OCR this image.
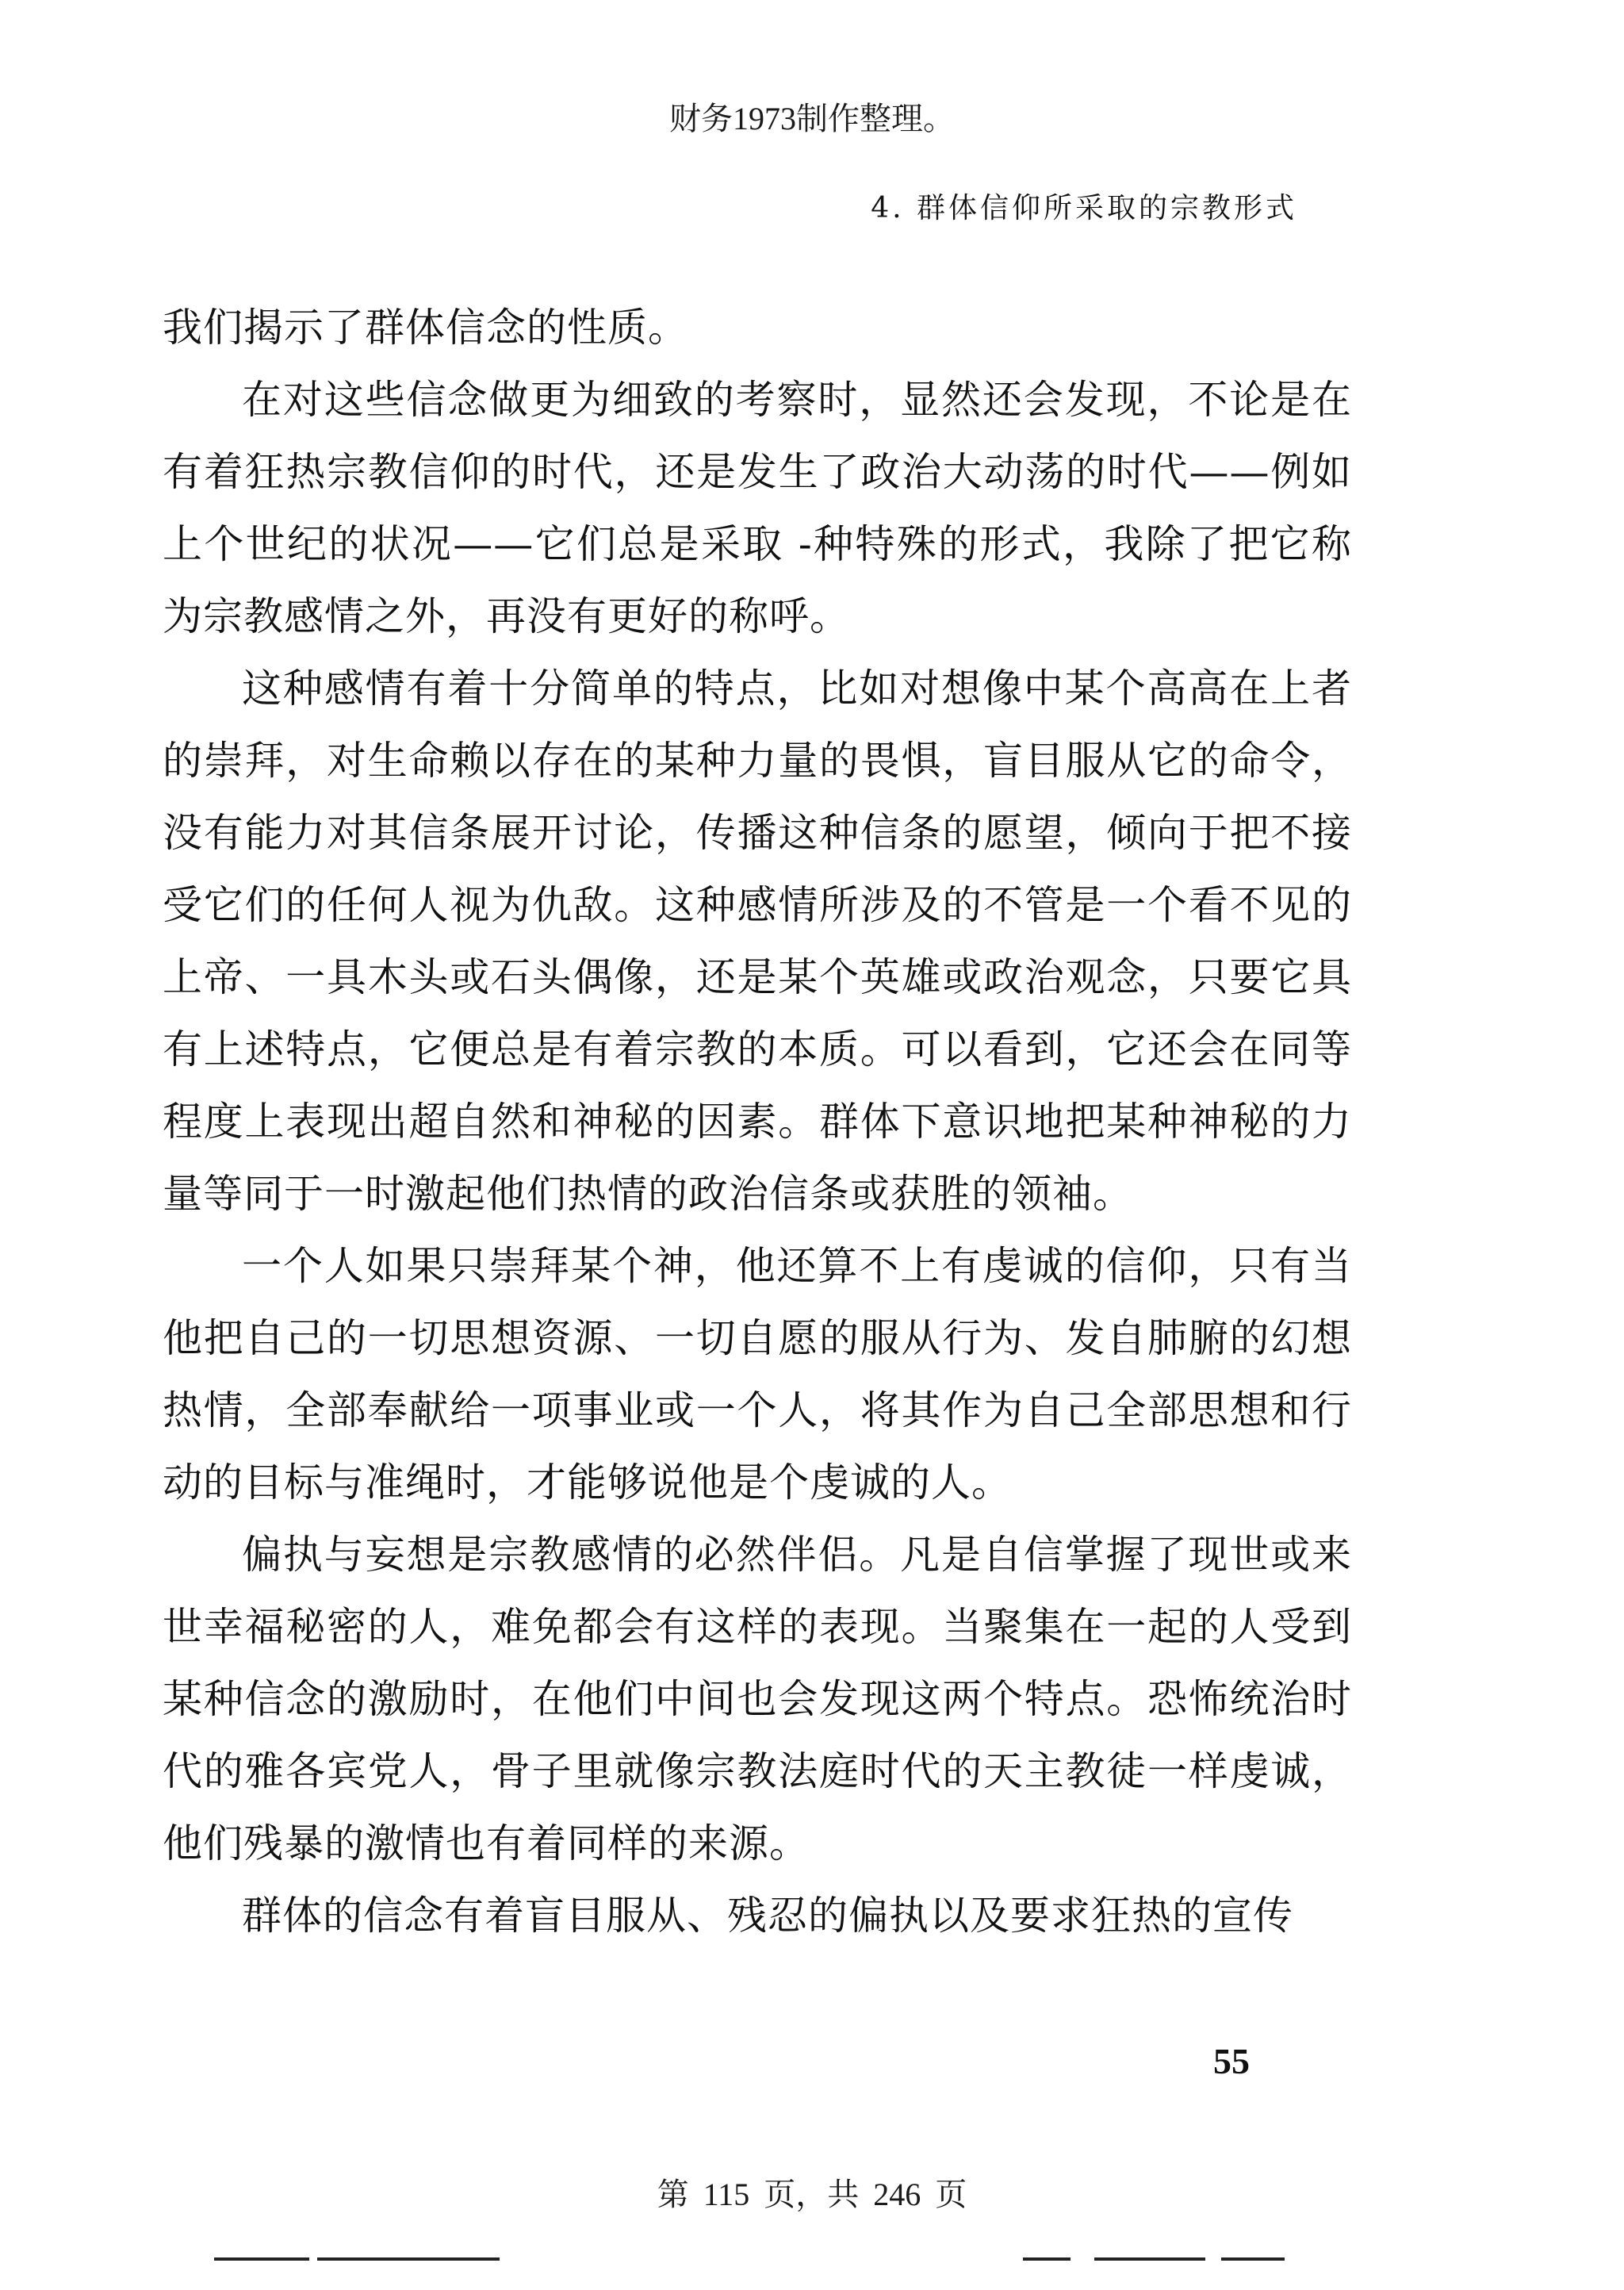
财务1973制作整理。
4. 群体信仰所采取的宗教形式

我们揭示了群体信念的性质。

在对这些信念做更为细致的考察时，显然还会发现，不论是在有着狂热宗教信仰的时代，还是发生了政治大动荡的时代——例如上个世纪的状况——它们总是采取 -种特殊的形式，我除了把它称为宗教感情之外，再没有更好的称呼。

这种感情有着十分简单的特点，比如对想像中某个高高在上者的崇拜，对生命赖以存在的某种力量的畏惧，盲目服从它的命令，没有能力对其信条展开讨论，传播这种信条的愿望，倾向于把不接受它们的任何人视为仇敌。这种感情所涉及的不管是一个看不见的上帝、一具木头或石头偶像，还是某个英雄或政治观念，只要它具有上述特点，它便总是有着宗教的本质。可以看到，它还会在同等程度上表现出超自然和神秘的因素。群体下意识地把某种神秘的力量等同于一时激起他们热情的政治信条或获胜的领袖。

一个人如果只崇拜某个神，他还算不上有虔诚的信仰，只有当他把自己的一切思想资源、一切自愿的服从行为、发自肺腑的幻想热情，全部奉献给一项事业或一个人，将其作为自己全部思想和行动的目标与准绳时，才能够说他是个虔诚的人。

偏执与妄想是宗教感情的必然伴侣。凡是自信掌握了现世或来世幸福秘密的人，难免都会有这样的表现。当聚集在一起的人受到某种信念的激励时，在他们中间也会发现这两个特点。恐怖统治时代的雅各宾党人，骨子里就像宗教法庭时代的天主教徒一样虔诚，他们残暴的激情也有着同样的来源。

群体的信念有着盲目服从、残忍的偏执以及要求狂热的宣传

55
第 115 页，共 246 页
